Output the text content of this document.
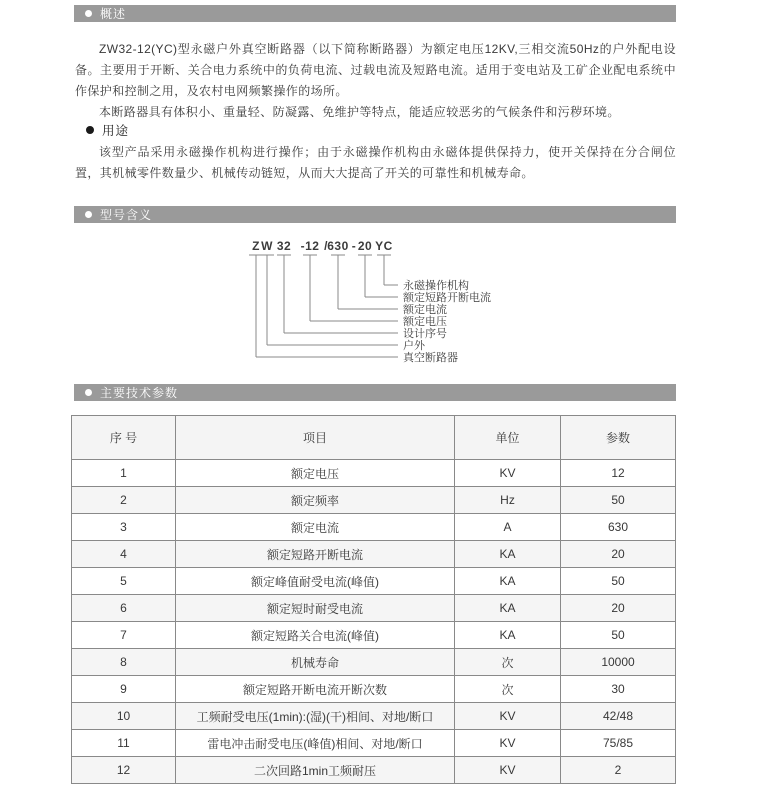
概述

ZW32-12(YC)型永磁户外真空断路器（以下简称断路器）为额定电压12KV,三相交流50Hz的户外配电设备。主要用于开断、关合电力系统中的负荷电流、过载电流及短路电流。适用于变电站及工矿企业配电系统中作保护和控制之用，及农村电网频繁操作的场所。

本断路器具有体积小、重量轻、防凝露、免维护等特点，能适应较恶劣的气候条件和污秽环境。

用途

该型产品采用永磁操作机构进行操作；由于永磁操作机构由永磁体提供保持力，使开关保持在分合闸位置，其机械零件数量少、机械传动链短，从而大大提高了开关的可靠性和机械寿命。

型号含义
Z W 32 -12 / 630 - 20 YC
永磁操作机构
额定短路开断电流
额定电流
额定电压
设计序号
户外
真空断路器
主要技术参数
序 号	项目	单位	参数
1	额定电压	KV	12
2	额定频率	Hz	50
3	额定电流	A	630
4	额定短路开断电流	KA	20
5	额定峰值耐受电流(峰值)	KA	50
6	额定短时耐受电流	KA	20
7	额定短路关合电流(峰值)	KA	50
8	机械寿命	次	10000
9	额定短路开断电流开断次数	次	30
10	工频耐受电压(1min):(湿)(干)相间、对地/断口	KV	42/48
11	雷电冲击耐受电压(峰值)相间、对地/断口	KV	75/85
12	二次回路1min工频耐压	KV	2
